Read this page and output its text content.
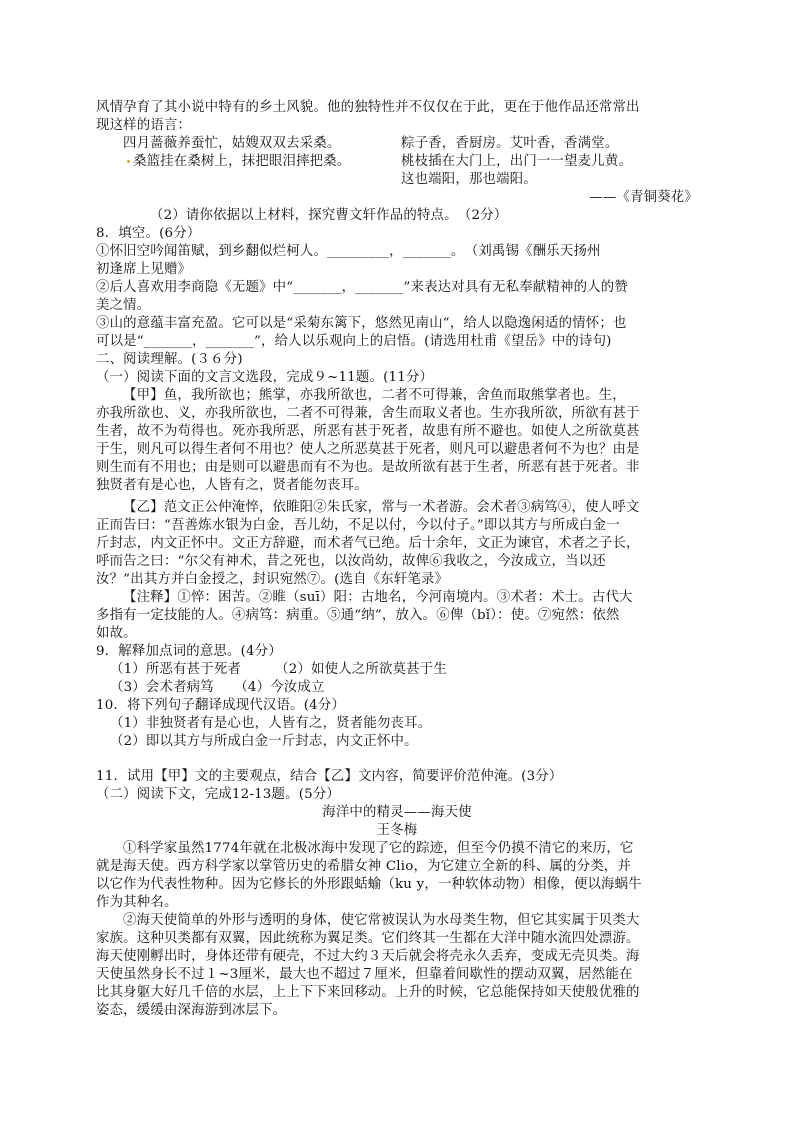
风情孕育了其小说中特有的乡土风貌。他的独特性并不仅仅在于此，更在于他作品还常常出
现这样的语言：
四月蔷薇养蚕忙，姑嫂双双去采桑。	粽子香，香厨房。艾叶香，香满堂。
桑篮挂在桑树上，抹把眼泪摔把桑。	桃枝插在大门上，出门一一望麦儿黄。
这也端阳，那也端阳。
——《青铜葵花》
（2）请你依据以上材料，探究曹文轩作品的特点。　（2分）
8．填空。(6分）
①怀旧空吟闻笛赋，到乡翻似烂柯人。_________，_______。　（刘禹锡《酬乐天扬州
初逢席上见赠》
②后人喜欢用李商隐《无题》中“_______，_______”来表达对具有无私奉献精神的人的赞
美之情。
③山的意蕴丰富充盈。它可以是“采菊东篱下，悠然见南山”，给人以隐逸闲适的情怀；也
可以是“_______，_______”，给人以乐观向上的启悟。(请选用杜甫《望岳》中的诗句)
二、阅读理解。(３６分)
（一）阅读下面的文言文选段，完成９~11题。(11分）
【甲】鱼，我所欲也；熊掌，亦我所欲也，二者不可得兼，舍鱼而取熊掌者也。生，
亦我所欲也、义，亦我所欲也，二者不可得兼，舍生而取义者也。生亦我所欲，所欲有甚于
生者，故不为苟得也。死亦我所恶，所恶有甚于死者，故患有所不避也。如使人之所欲莫甚
于生，则凡可以得生者何不用也？使人之所恶莫甚于死者，则凡可以避患者何不为也？由是
则生而有不用也；由是则可以避患而有不为也。是故所欲有甚于生者，所恶有甚于死者。非
独贤者有是心也，人皆有之，贤者能勿丧耳。
【乙】范文正公仲淹悴，依睢阳②朱氏家，常与一术者游。会术者③病笃④，使人呼文
正而告曰：“吾善炼水银为白金，吾儿幼，不足以付，今以付子。”即以其方与所成白金一
斤封志，内文正怀中。文正方辞避，而术者气已绝。后十余年，文正为谏官，术者之子长，
呼而告之曰：“尔父有神术，昔之死也，以汝尚幼，故俾⑥我收之，今汝成立，当以还
汝？”出其方并白金授之，封识宛然⑦。(选自《东轩笔录》
【注释】①悴：困苦。②睢（suī）阳：古地名，今河南境内。③术者：术士。古代大
多指有一定技能的人。④病笃：病重。⑤通“纳”，放入。⑥俾（bǐ）：使。⑦宛然：依然
如故。
9．解释加点词的意思。(4分）
（1）所恶有甚于死者　　　（2）如使人之所欲莫甚于生
（3）会术者病笃　　（4）今汝成立
10．将下列句子翻译成现代汉语。(4分）
（1）非独贤者有是心也，人皆有之，贤者能勿丧耳。
（2）即以其方与所成白金一斤封志，内文正怀中。
11．试用【甲】文的主要观点，结合【乙】文内容，简要评价范仲淹。(3分）
（二）阅读下文，完成12-13题。(5分）
海洋中的精灵——海天使
王冬梅
①科学家虽然1774年就在北极冰海中发现了它的踪迹，但至今仍摸不清它的来历，它
就是海天使。西方科学家以掌管历史的希腊女神 Clio，为它建立全新的科、属的分类，并
以它作为代表性物种。因为它修长的外形跟蛞蝓（ku y，一种软体动物）相像，便以海蜗牛
作为其种名。
②海天使简单的外形与透明的身体，使它常被误认为水母类生物，但它其实属于贝类大
家族。这种贝类都有双翼，因此统称为翼足类。它们终其一生都在大洋中随水流四处漂游。
海天使刚孵出时，身体还带有硬壳，不过大约３天后就会将壳永久丢弃，变成无壳贝类。海
天使虽然身长不过１~3厘米，最大也不超过７厘米，但靠着间歇性的摆动双翼，居然能在
比其身躯大好几千倍的水层，上上下下来回移动。上升的时候，它总能保持如天使般优雅的
姿态，缓缓由深海游到冰层下。
